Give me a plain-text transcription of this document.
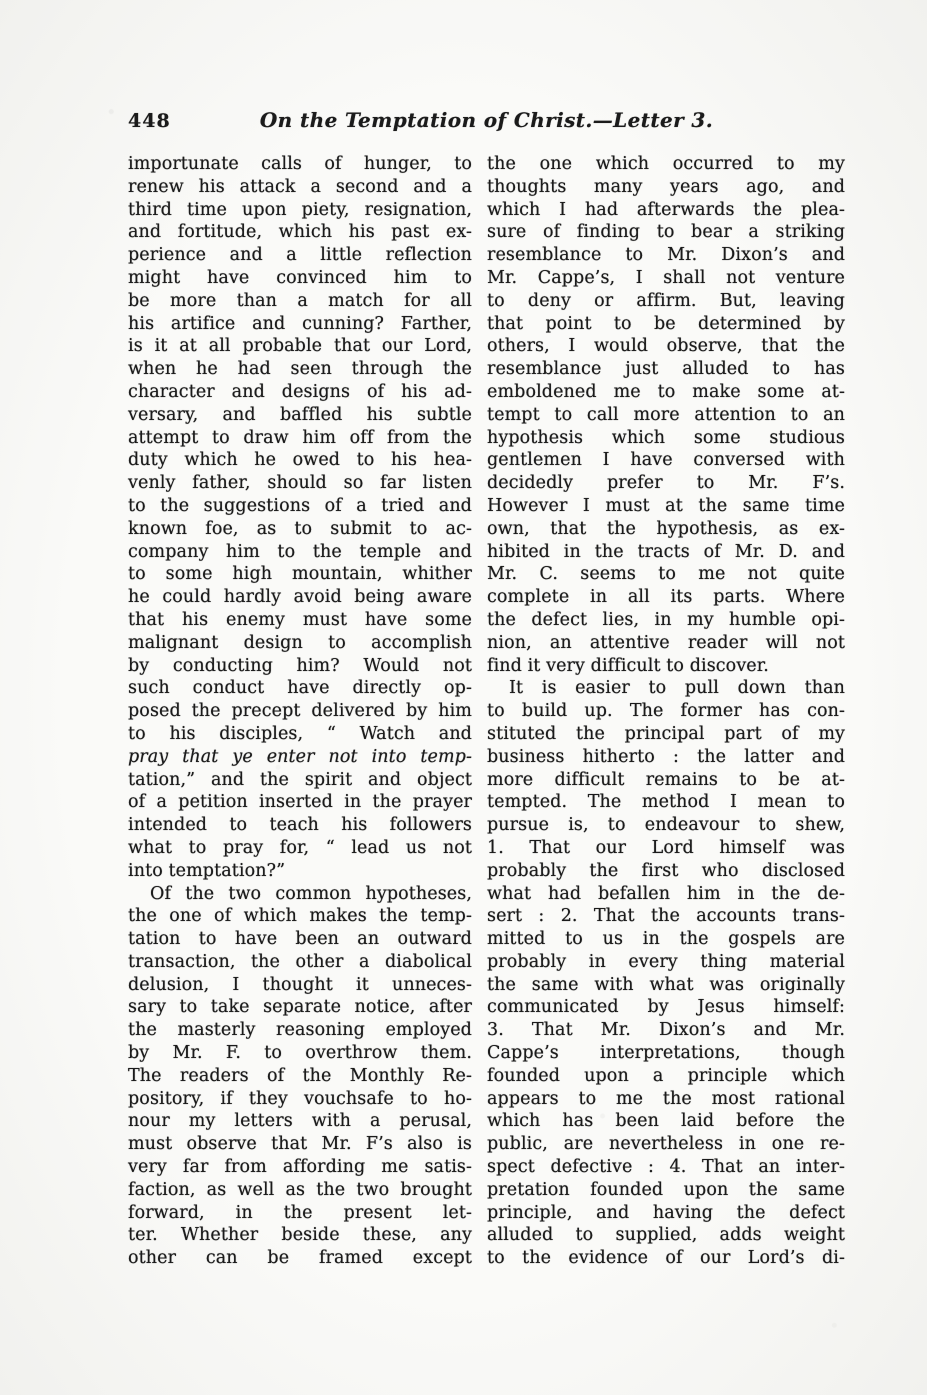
448	On the Temptation of Christ.—Letter 3.
importunate calls of hunger, to
renew his attack a second and a
third time upon piety, resignation,
and fortitude, which his past ex-
perience and a little reflection
might have convinced him to
be more than a match for all
his artifice and cunning? Farther,
is it at all probable that our Lord,
when he had seen through the
character and designs of his ad-
versary, and baffled his subtle
attempt to draw him off from the
duty which he owed to his hea-
venly father, should so far listen
to the suggestions of a tried and
known foe, as to submit to ac-
company him to the temple and
to some high mountain, whither
he could hardly avoid being aware
that his enemy must have some
malignant design to accomplish
by conducting him? Would not
such conduct have directly op-
posed the precept delivered by him
to his disciples, “ Watch and
pray that ye enter not into temp-
tation,” and the spirit and object
of a petition inserted in the prayer
intended to teach his followers
what to pray for, “ lead us not
into temptation?”
Of the two common hypotheses,
the one of which makes the temp-
tation to have been an outward
transaction, the other a diabolical
delusion, I thought it unneces-
sary to take separate notice, after
the masterly reasoning employed
by Mr. F. to overthrow them.
The readers of the Monthly Re-
pository, if they vouchsafe to ho-
nour my letters with a perusal,
must observe that Mr. F’s also is
very far from affording me satis-
faction, as well as the two brought
forward, in the present let-
ter. Whether beside these, any
other can be framed except
the one which occurred to my
thoughts many years ago, and
which I had afterwards the plea-
sure of finding to bear a striking
resemblance to Mr. Dixon’s and
Mr. Cappe’s, I shall not venture
to deny or affirm. But, leaving
that point to be determined by
others, I would observe, that the
resemblance just alluded to has
emboldened me to make some at-
tempt to call more attention to an
hypothesis which some studious
gentlemen I have conversed with
decidedly prefer to Mr. F’s.
However I must at the same time
own, that the hypothesis, as ex-
hibited in the tracts of Mr. D. and
Mr. C. seems to me not quite
complete in all its parts. Where
the defect lies, in my humble opi-
nion, an attentive reader will not
find it very difficult to discover.
It is easier to pull down than
to build up. The former has con-
stituted the principal part of my
business hitherto : the latter and
more difficult remains to be at-
tempted. The method I mean to
pursue is, to endeavour to shew,
1. That our Lord himself was
probably the first who disclosed
what had befallen him in the de-
sert : 2. That the accounts trans-
mitted to us in the gospels are
probably in every thing material
the same with what was originally
communicated by Jesus himself:
3. That Mr. Dixon’s and Mr.
Cappe’s interpretations, though
founded upon a principle which
appears to me the most rational
which has been laid before the
public, are nevertheless in one re-
spect defective : 4. That an inter-
pretation founded upon the same
principle, and having the defect
alluded to supplied, adds weight
to the evidence of our Lord’s di-
